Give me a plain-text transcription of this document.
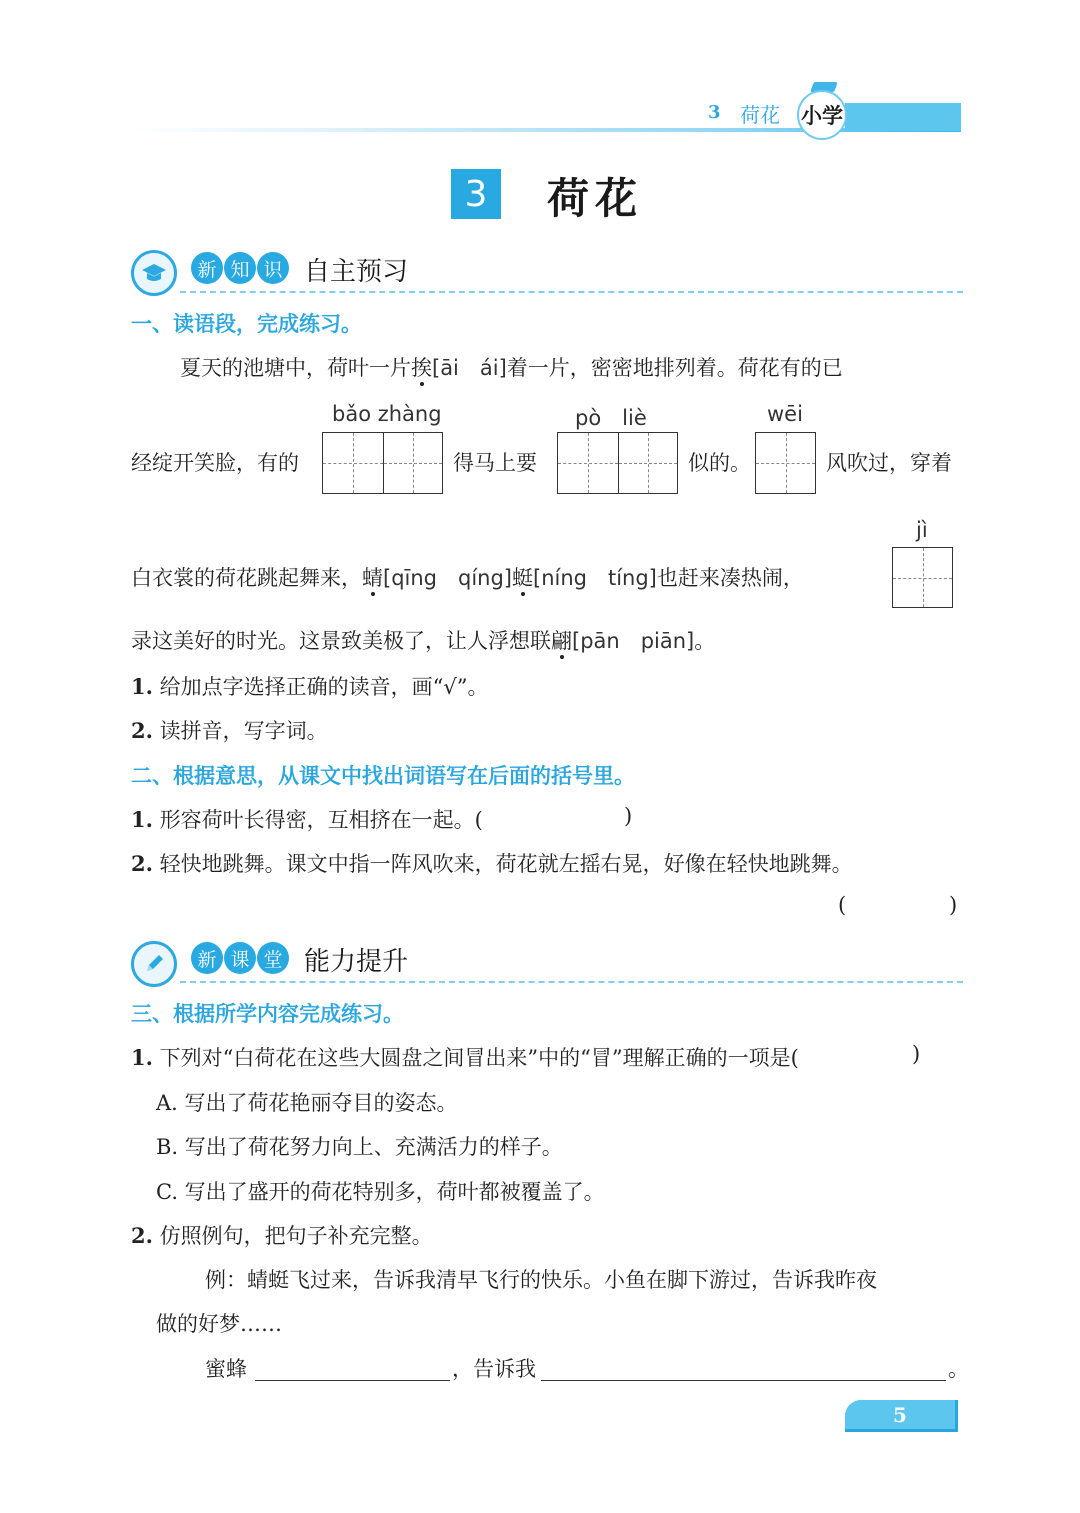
3 荷花 小学
3	荷花
新 知 识 自主预习
一、读语段，完成练习。
夏天的池塘中，荷叶一片挨[āi　ái]着一片，密密地排列着。荷花有的已
bǎo zhàng	pò　liè	wēi
经绽开笑脸，有的	得马上要	似的。	风吹过，穿着
jì
白衣裳的荷花跳起舞来，蜻[qīng　qíng]蜓[níng　tíng]也赶来凑热闹，
录这美好的时光。这景致美极了，让人浮想联翩[pān　piān]。
1. 给加点字选择正确的读音，画“√”。
2. 读拼音，写字词。
二、根据意思，从课文中找出词语写在后面的括号里。
1. 形容荷叶长得密，互相挤在一起。(	)
2. 轻快地跳舞。课文中指一阵风吹来，荷花就左摇右晃，好像在轻快地跳舞。
(	)
新 课 堂 能力提升
三、根据所学内容完成练习。
1. 下列对“白荷花在这些大圆盘之间冒出来”中的“冒”理解正确的一项是(	)
A. 写出了荷花艳丽夺目的姿态。
B. 写出了荷花努力向上、充满活力的样子。
C. 写出了盛开的荷花特别多，荷叶都被覆盖了。
2. 仿照例句，把句子补充完整。
例：蜻蜓飞过来，告诉我清早飞行的快乐。小鱼在脚下游过，告诉我昨夜
做的好梦……
蜜蜂	，告诉我	。
5
